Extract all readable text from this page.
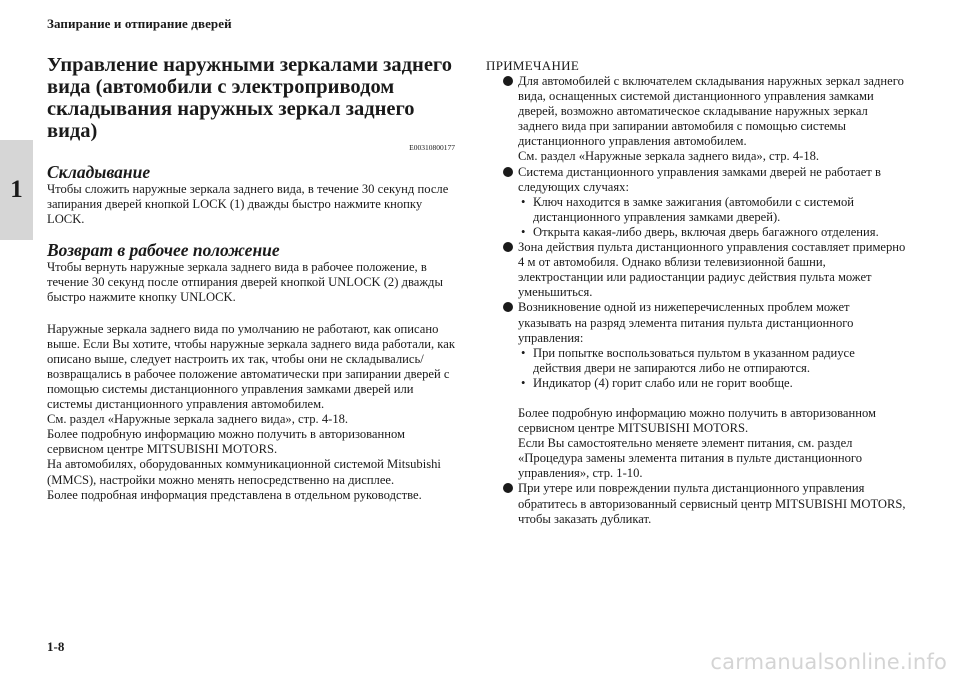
Запирание и отпирание дверей
1
Управление наружными зеркалами заднего вида (автомобили с электроприводом складывания наружных зеркал заднего вида)
E00310800177
Складывание

Чтобы сложить наружные зеркала заднего вида, в течение 30 секунд после запирания дверей кнопкой LOCK (1) дважды быстро нажмите кнопку LOCK.

Возврат в рабочее положение

Чтобы вернуть наружные зеркала заднего вида в рабочее положение, в течение 30 секунд после отпирания дверей кнопкой UNLOCK (2) дважды быстро нажмите кнопку UNLOCK.

Наружные зеркала заднего вида по умолчанию не работают, как описано выше. Если Вы хотите, чтобы наружные зеркала заднего вида работали, как описано выше, следует настроить их так, чтобы они не складывались/возвращались в рабочее положение автоматически при запирании дверей с помощью системы дистанционного управления замками дверей или системы дистанционного управления автомобилем.

См. раздел «Наружные зеркала заднего вида», стр. 4-18.

Более подробную информацию можно получить в авторизованном сервисном центре MITSUBISHI MOTORS.

На автомобилях, оборудованных коммуникационной системой Mitsubishi (MMCS), настройки можно менять непосредственно на дисплее.

Более подробная информация представлена в отдельном руководстве.

ПРИМЕЧАНИЕ

Для автомобилей с включателем складывания наружных зеркал заднего вида, оснащенных системой дистанционного управления замками дверей, возможно автоматическое складывание наружных зеркал заднего вида при запирании автомобиля с помощью системы дистанционного управления автомобилем.

См. раздел «Наружные зеркала заднего вида», стр. 4-18.

Система дистанционного управления замками дверей не работает в следующих случаях:

• Ключ находится в замке зажигания (автомобили с системой дистанционного управления замками дверей).
• Открыта какая-либо дверь, включая дверь багажного отделения.

Зона действия пульта дистанционного управления составляет примерно 4 м от автомобиля. Однако вблизи телевизионной башни, электростанции или радиостанции радиус действия пульта может уменьшиться.

Возникновение одной из нижеперечисленных проблем может указывать на разряд элемента питания пульта дистанционного управления:

• При попытке воспользоваться пультом в указанном радиусе действия двери не запираются либо не отпираются.
• Индикатор (4) горит слабо или не горит вообще.

Более подробную информацию можно получить в авторизованном сервисном центре MITSUBISHI MOTORS.

Если Вы самостоятельно меняете элемент питания, см. раздел «Процедура замены элемента питания в пульте дистанционного управления», стр. 1-10.

При утере или повреждении пульта дистанционного управления обратитесь в авторизованный сервисный центр MITSUBISHI MOTORS, чтобы заказать дубликат.

1-8
carmanualsonline.info
